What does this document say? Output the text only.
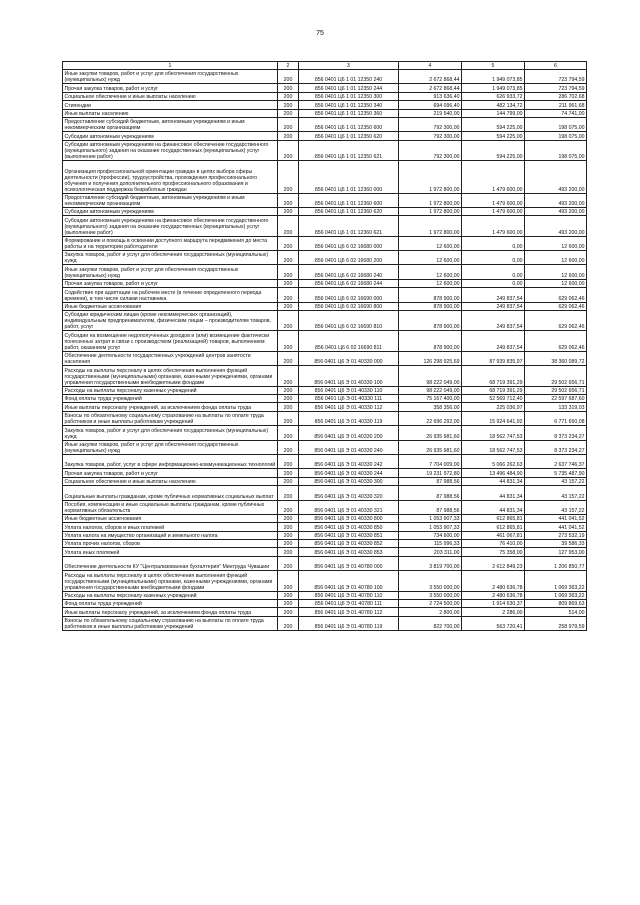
75
1	2	3	4	5	6
Иные закупки товаров, работ и услуг для обеспечения государственных (муниципальных) нужд	200	856 0401 Ц6 1 01 12350 240	2 672 868,44	1 949 073,85	723 794,59
Прочая закупка товаров, работ и услуг	200	856 0401 Ц6 1 01 12350 244	2 672 868,44	1 949 073,85	723 794,59
Социальное обеспечение и иные выплаты населению	200	856 0401 Ц6 1 01 12350 300	913 636,40	626 933,72	286 702,68
Стипендии	200	856 0401 Ц6 1 01 12350 340	694 096,40	482 134,72	211 961,68
Иные выплаты населению	200	856 0401 Ц6 1 01 12350 360	219 540,00	144 799,00	74 741,00
Предоставление субсидий бюджетным, автономным учреждениям и иным некоммерческим организациям	200	856 0401 Ц6 1 01 12350 600	792 300,00	594 225,00	198 075,00
Субсидии автономным учреждениям	200	856 0401 Ц6 1 01 12350 620	792 300,00	594 225,00	198 075,00
Субсидии автономным учреждениям на финансовое обеспечение государственного (муниципального) задания на оказание государственных (муниципальных) услуг (выполнение работ)	200	856 0401 Ц6 1 01 12350 621	792 300,00	594 225,00	198 075,00
Организация профессиональной ориентации граждан в целях выбора сферы деятельности (профессии), трудоустройства, прохождения профессионального обучения и получения дополнительного профессионального образования и психологическая поддержка безработных граждан	200	856 0401 Ц6 1 01 12360 000	1 972 800,00	1 479 600,00	493 200,00
Предоставление субсидий бюджетным, автономным учреждениям и иным некоммерческим организациям	200	856 0401 Ц6 1 01 12360 600	1 972 800,00	1 479 600,00	493 200,00
Субсидии автономным учреждениям	200	856 0401 Ц6 1 01 12360 620	1 972 800,00	1 479 600,00	493 200,00
Субсидии автономным учреждениям на финансовое обеспечение государственного (муниципального) задания на оказание государственных (муниципальных) услуг (выполнение работ)	200	856 0401 Ц6 1 01 12360 621	1 972 800,00	1 479 600,00	493 200,00
Формирование и помощь в освоении доступного маршрута передвижения до места работы и на территории работодателя	200	856 0401 Ц6 6 02 16680 000	12 600,00	0,00	12 600,00
Закупка товаров, работ и услуг для обеспечения государственных (муниципальных) нужд	200	856 0401 Ц6 6 02 16680 200	12 600,00	0,00	12 600,00
Иные закупки товаров, работ и услуг для обеспечения государственных (муниципальных) нужд	200	856 0401 Ц6 6 02 16680 240	12 600,00	0,00	12 600,00
Прочая закупка товаров, работ и услуг	200	856 0401 Ц6 6 02 16680 244	12 600,00	0,00	12 600,00
Содействие при адаптации на рабочем месте (в течение определенного периода времени), в том числе силами наставника	200	856 0401 Ц6 6 02 16690 000	878 900,00	249 837,54	629 062,46
Иные бюджетные ассигнования	200	856 0401 Ц6 6 02 16690 800	878 900,00	249 837,54	629 062,46
Субсидии юридическим лицам (кроме некоммерческих организаций), индивидуальным предпринимателям, физическим лицам – производителям товаров, работ, услуг	200	856 0401 Ц6 6 02 16690 810	878 900,00	249 837,54	629 062,46
Субсидии на возмещение недополученных доходов и (или) возмещение фактически понесенных затрат в связи с производством (реализацией) товаров, выполнением работ, оказанием услуг	200	856 0401 Ц6 6 02 16690 811	878 900,00	249 837,54	629 062,46
Обеспечение деятельности государственных учреждений центров занятости населения	200	856 0401 Ц6 Э 01 40330 000	126 298 925,69	87 939 835,97	38 360 089,72
Расходы на выплаты персоналу в целях обеспечения выполнения функций государственными (муниципальными) органами, казенными учреждениями, органами управления государственными внебюджетными фондами	200	856 0401 Ц6 Э 01 40330 100	98 222 049,00	68 719 391,29	29 502 656,71
Расходы на выплаты персоналу казенных учреждений	200	856 0401 Ц6 Э 01 40330 110	98 222 049,00	68 719 391,29	29 502 656,71
Фонд оплаты труда учреждений	200	856 0401 Ц6 Э 01 40330 111	75 167 400,00	52 569 712,40	22 597 687,60
Иные выплаты персоналу учреждений, за исключением фонда оплаты труда	200	856 0401 Ц6 Э 01 40330 112	358 356,00	225 036,97	133 319,03
Взносы по обязательному социальному страхованию на выплаты по оплате труда работников и иные выплаты работникам учреждений	200	856 0401 Ц6 Э 01 40330 119	22 696 292,00	15 924 641,92	6 771 650,08
Закупка товаров, работ и услуг для обеспечения государственных (муниципальных) нужд	200	856 0401 Ц6 Э 01 40330 200	26 935 981,60	18 562 747,53	8 373 234,27
Иные закупки товаров, работ и услуг для обеспечения государственных (муниципальных) нужд	200	856 0401 Ц6 Э 01 40330 240	26 935 981,60	18 562 747,53	8 373 234,27
Закупка товаров, работ, услуг в сфере информационно-коммуникационных технологий	200	856 0401 Ц6 Э 01 40330 242	7 704 009,00	5 066 262,63	2 637 746,37
Прочая закупка товаров, работ и услуг	200	856 0401 Ц6 Э 01 40330 244	19 231 972,80	13 496 484,90	5 735 487,90
Социальное обеспечение и иные выплаты населению	200	856 0401 Ц6 Э 01 40330 300	87 988,56	44 831,34	43 157,22
Социальные выплаты гражданам, кроме публичных нормативных социальных выплат	200	856 0401 Ц6 Э 01 40330 320	87 988,56	44 831,34	43 157,22
Пособия, компенсации и иные социальные выплаты гражданам, кроме публичных нормативных обязательств	200	856 0401 Ц6 Э 01 40330 321	87 988,56	44 831,34	43 157,22
Иные бюджетные ассигнования	200	856 0401 Ц6 Э 01 40330 800	1 053 907,33	612 865,81	441 041,52
Уплата налогов, сборов и иных платежей	200	856 0401 Ц6 Э 01 40330 850	1 053 907,33	612 865,81	441 041,52
Уплата налога на имущество организаций и земельного налога	200	856 0401 Ц6 Э 01 40330 851	734 600,00	461 067,81	273 532,19
Уплата прочих налогов, сборов	200	856 0401 Ц6 Э 01 40330 852	115 996,33	76 410,00	39 586,33
Уплата иных платежей	200	856 0401 Ц6 Э 01 40330 853	203 311,00	75 358,00	127 953,00
Обеспечение деятельности КУ "Централизованная бухгалтерия" Минтруда Чувашии	200	856 0401 Ц6 Э 01 40780 000	3 819 700,00	2 612 849,23	1 206 850,77
Расходы на выплаты персоналу в целях обеспечения выполнения функций государственными (муниципальными) органами, казенными учреждениями, органами управления государственными внебюджетными фондами	200	856 0401 Ц6 Э 01 40780 100	3 550 000,00	2 480 636,78	1 069 363,22
Расходы на выплаты персоналу казенных учреждений	200	856 0401 Ц6 Э 01 40780 110	3 550 000,00	2 480 636,78	1 069 363,22
Фонд оплаты труда учреждений	200	856 0401 Ц6 Э 01 40780 111	2 724 500,00	1 914 630,37	809 869,63
Иные выплаты персоналу учреждений, за исключением фонда оплаты труда	200	856 0401 Ц6 Э 01 40780 112	2 800,00	2 286,00	514,00
Взносы по обязательному социальному страхованию на выплаты по оплате труда работников и иные выплаты работникам учреждений	200	856 0401 Ц6 Э 01 40780 119	822 700,00	563 720,41	258 979,59
